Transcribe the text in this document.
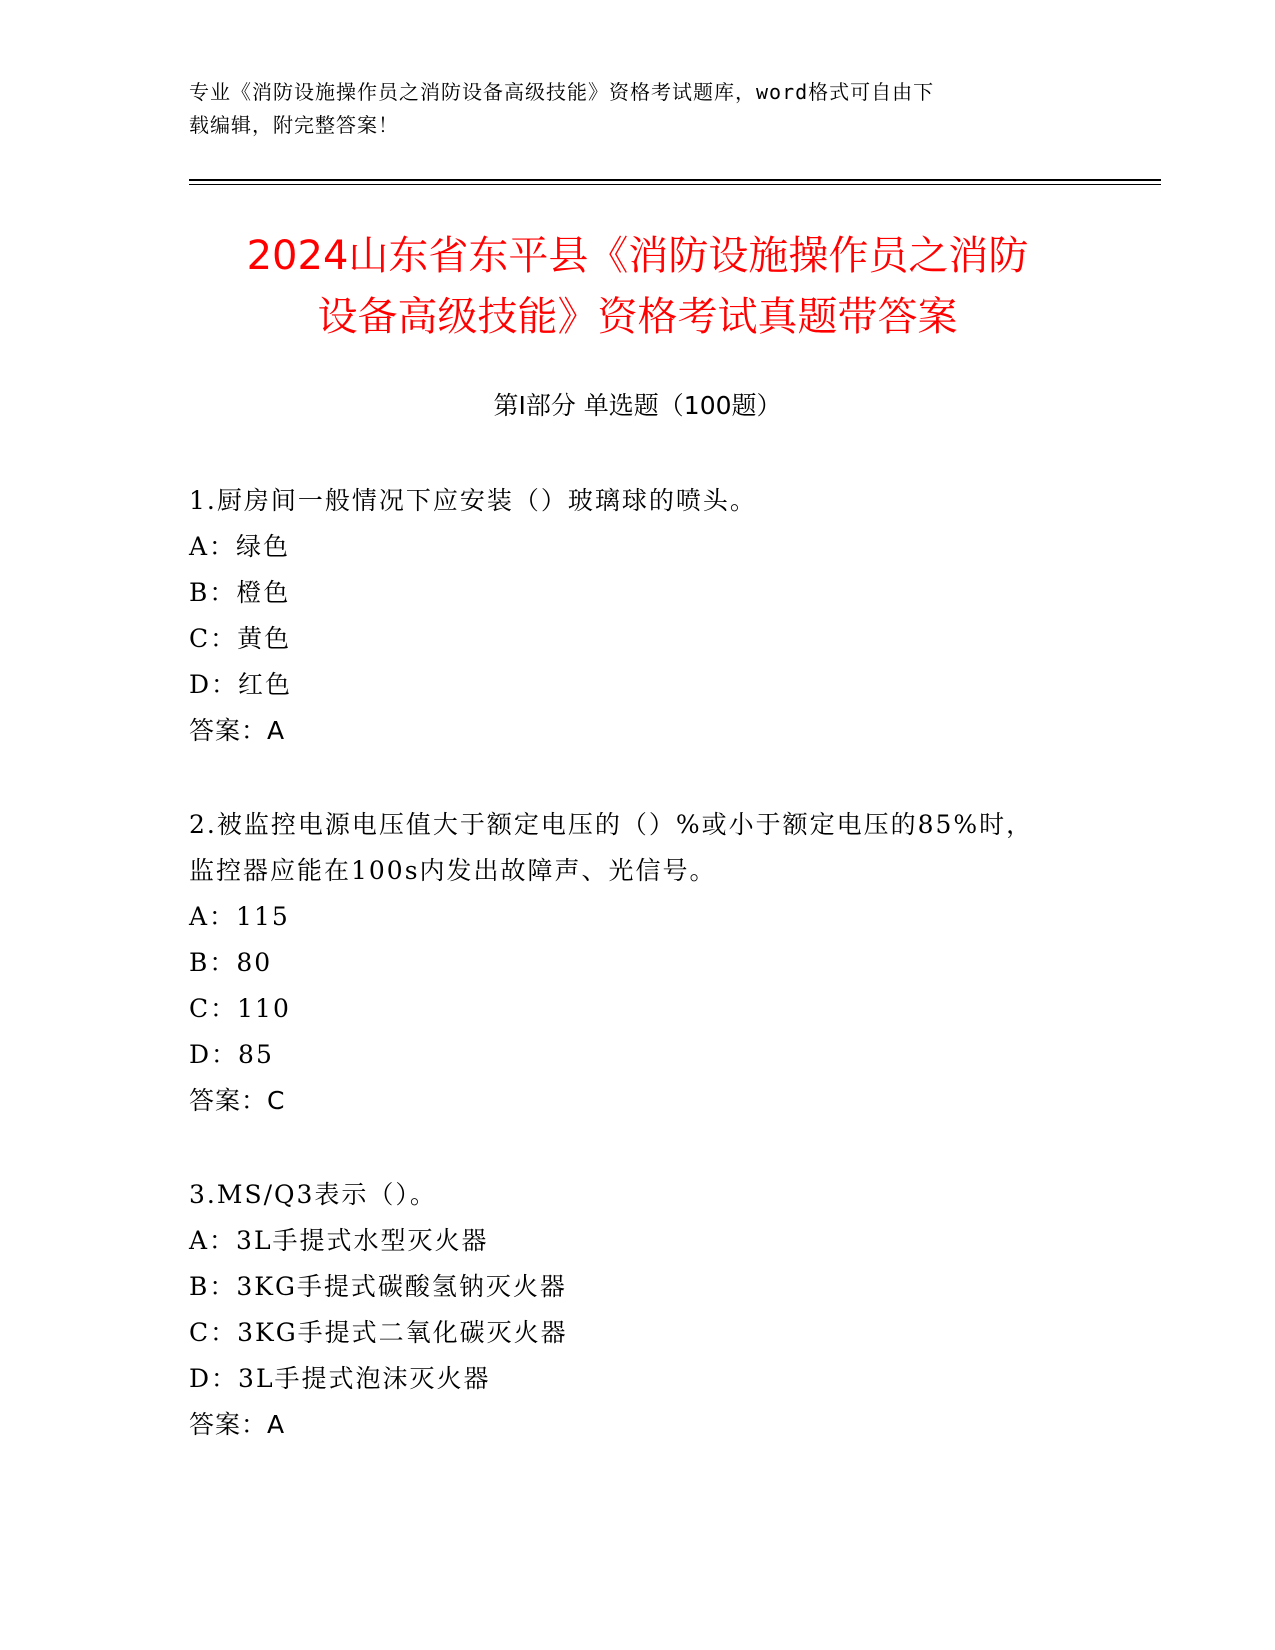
专业《消防设施操作员之消防设备高级技能》资格考试题库，word格式可自由下
载编辑，附完整答案！
2024山东省东平县《消防设施操作员之消防
设备高级技能》资格考试真题带答案
第Ⅰ部分 单选题（100题）
1.厨房间一般情况下应安装（）玻璃球的喷头。
A：绿色
B：橙色
C：黄色
D：红色
答案：A
2.被监控电源电压值大于额定电压的（）%或小于额定电压的85%时，
监控器应能在100s内发出故障声、光信号。
A：115
B：80
C：110
D：85
答案：C
3.MS/Q3表示（）。
A：3L手提式水型灭火器
B：3KG手提式碳酸氢钠灭火器
C：3KG手提式二氧化碳灭火器
D：3L手提式泡沫灭火器
答案：A
